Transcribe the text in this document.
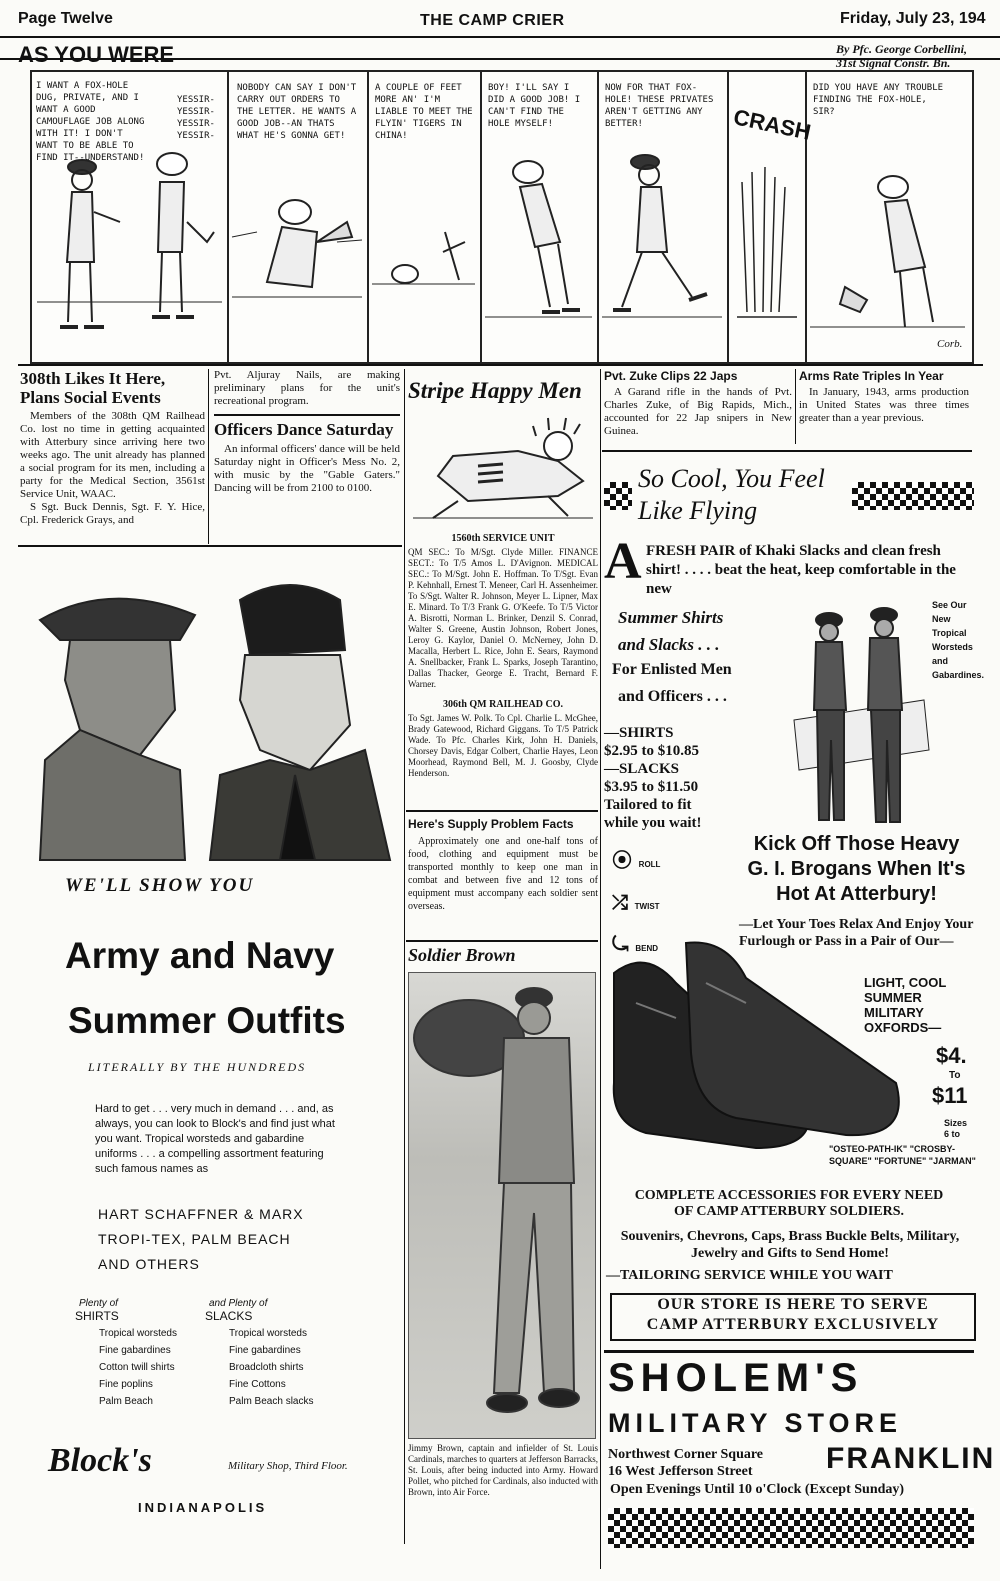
Page Twelve	THE CAMP CRIER	Friday, July 23, 194
AS YOU WERE	By Pfc. George Corbellini,
31st Signal Constr. Bn.
I WANT A FOX-HOLE DUG, PRIVATE, AND I WANT A GOOD CAMOUFLAGE JOB ALONG WITH IT! I DON'T WANT TO BE ABLE TO FIND IT--UNDERSTAND!
YESSIR- YESSIR- YESSIR- YESSIR-
NOBODY CAN SAY I DON'T CARRY OUT ORDERS TO THE LETTER. HE WANTS A GOOD JOB--AN THATS WHAT HE'S GONNA GET!
A COUPLE OF FEET MORE AN' I'M LIABLE TO MEET THE FLYIN' TIGERS IN CHINA!
BOY! I'LL SAY I DID A GOOD JOB! I CAN'T FIND THE HOLE MYSELF!
NOW FOR THAT FOX-HOLE! THESE PRIVATES AREN'T GETTING ANY BETTER!	CRASH
DID YOU HAVE ANY TROUBLE FINDING THE FOX-HOLE, SIR?
Corb.
308th Likes It Here,
Plans Social Events
Members of the 308th QM Railhead Co. lost no time in getting acquainted with Atterbury since arriving here two weeks ago. The unit already has planned a social program for its men, including a party for the Medical Section, 3561st Service Unit, WAAC.
S Sgt. Buck Dennis, Sgt. F. Y. Hice, Cpl. Frederick Grays, and
Pvt. Aljuray Nails, are making preliminary plans for the unit's recreational program.
Officers Dance Saturday
An informal officers' dance will be held Saturday night in Officer's Mess No. 2, with music by the "Gable Gaters." Dancing will be from 2100 to 0100.
Stripe Happy Men
1560th SERVICE UNIT
QM SEC.: To M/Sgt. Clyde Miller. FINANCE SECT.: To T/5 Amos L. D'Avignon. MEDICAL SEC.: To M/Sgt. John E. Hoffman. To T/Sgt. Evan P. Kehnhall, Ernest T. Meneer, Carl H. Assenheimer. To S/Sgt. Walter R. Johnson, Meyer L. Lipner, Max E. Minard. To T/3 Frank G. O'Keefe. To T/5 Victor A. Bisrotti, Norman L. Brinker, Denzil S. Conrad, Walter S. Greene, Austin Johnson, Robert Jones, Leroy G. Kaylor, Daniel O. McNerney, John D. Macalla, Herbert L. Rice, John E. Sears, Raymond A. Snellbacker, Frank L. Sparks, Joseph Tarantino, Dallas Thacker, George E. Tracht, Bernard F. Warner.
306th QM RAILHEAD CO.
To Sgt. James W. Polk. To Cpl. Charlie L. McGhee, Brady Gatewood, Richard Giggans. To T/5 Patrick Wade. To Pfc. Charles Kirk, John H. Daniels, Chorsey Davis, Edgar Colbert, Charlie Hayes, Leon Moorhead, Raymond Bell, M. J. Goosby, Clyde Henderson.
Here's Supply Problem Facts
Approximately one and one-half tons of food, clothing and equipment must be transported monthly to keep one man in combat and between five and 12 tons of equipment must accompany each soldier sent overseas.
Soldier Brown
Jimmy Brown, captain and infielder of St. Louis Cardinals, marches to quarters at Jefferson Barracks, St. Louis, after being inducted into Army. Howard Pollet, who pitched for Cardinals, also inducted with Brown, into Air Force.
Pvt. Zuke Clips 22 Japs
A Garand rifle in the hands of Pvt. Charles Zuke, of Big Rapids, Mich., accounted for 22 Jap snipers in New Guinea.
Arms Rate Triples In Year
In January, 1943, arms production in United States was three times greater than a year previous.
WE'LL SHOW YOU
Army and Navy
Summer Outfits
LITERALLY BY THE HUNDREDS
Hard to get . . . very much in demand . . . and, as always, you can look to Block's and find just what you want. Tropical worsteds and gabardine uniforms . . . a compelling assortment featuring such famous names as
HART SCHAFFNER & MARX
TROPI-TEX, PALM BEACH
AND OTHERS
Plenty of
SHIRTS
Tropical worsteds
Fine gabardines
Cotton twill shirts
Fine poplins
Palm Beach
and Plenty of
SLACKS
Tropical worsteds
Fine gabardines
Broadcloth shirts
Fine Cottons
Palm Beach slacks
Block's	Military Shop, Third Floor.
INDIANAPOLIS
So Cool, You Feel
Like Flying
A FRESH PAIR of Khaki Slacks and clean fresh shirt! . . . . beat the heat, keep comfortable in the new
Summer Shirts
and Slacks . . .
For Enlisted Men
and Officers . . .
See Our New Tropical Worsteds and Gabardines.
—SHIRTS
$2.95 to $10.85
—SLACKS
$3.95 to $11.50
Tailored to fit
while you wait!
⦿ ROLL
⤮ TWIST
⤿ BEND
Kick Off Those Heavy
G. I. Brogans When It's
Hot At Atterbury!
—Let Your Toes Relax And Enjoy Your Furlough or Pass in a Pair of Our—
LIGHT, COOL SUMMER MILITARY OXFORDS—
$4.
To
$11
Sizes 6 to
"OSTEO-PATH-IK" "CROSBY-SQUARE" "FORTUNE" "JARMAN"
COMPLETE ACCESSORIES FOR EVERY NEED
OF CAMP ATTERBURY SOLDIERS.
Souvenirs, Chevrons, Caps, Brass Buckle Belts, Military, Jewelry and Gifts to Send Home!
—TAILORING SERVICE WHILE YOU WAIT
OUR STORE IS HERE TO SERVE
CAMP ATTERBURY EXCLUSIVELY
SHOLEM'S
MILITARY STORE
Northwest Corner Square
16 West Jefferson Street	FRANKLIN
Open Evenings Until 10 o'Clock (Except Sunday)
